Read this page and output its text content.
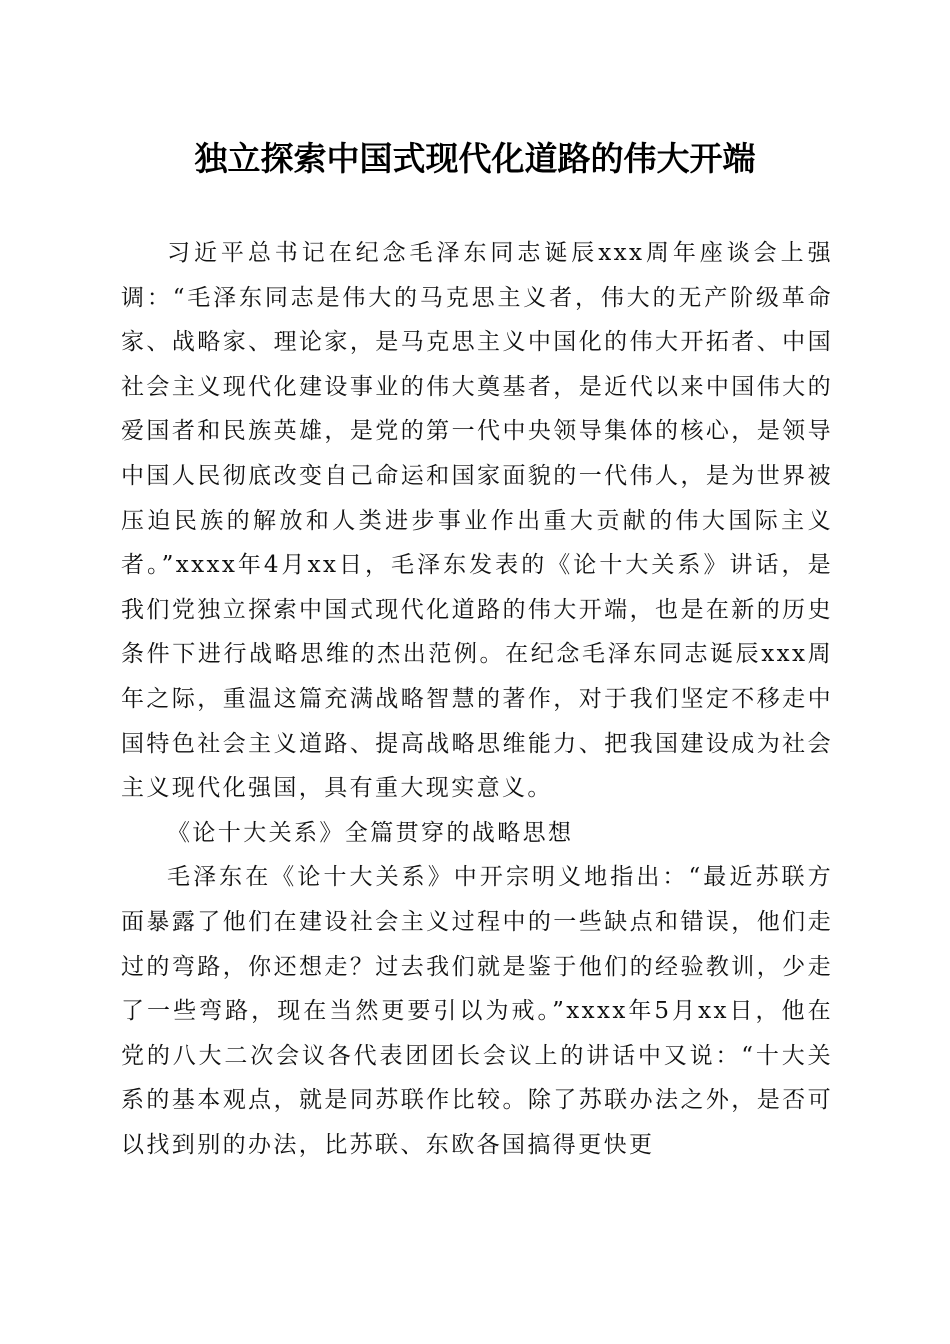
独立探索中国式现代化道路的伟大开端

习近平总书记在纪念毛泽东同志诞辰xxx周年座谈会上强调：“毛泽东同志是伟大的马克思主义者，伟大的无产阶级革命家、战略家、理论家，是马克思主义中国化的伟大开拓者、中国社会主义现代化建设事业的伟大奠基者，是近代以来中国伟大的爱国者和民族英雄，是党的第一代中央领导集体的核心，是领导中国人民彻底改变自己命运和国家面貌的一代伟人，是为世界被压迫民族的解放和人类进步事业作出重大贡献的伟大国际主义者。”xxxx年4月xx日，毛泽东发表的《论十大关系》讲话，是我们党独立探索中国式现代化道路的伟大开端，也是在新的历史条件下进行战略思维的杰出范例。在纪念毛泽东同志诞辰xxx周年之际，重温这篇充满战略智慧的著作，对于我们坚定不移走中国特色社会主义道路、提高战略思维能力、把我国建设成为社会主义现代化强国，具有重大现实意义。

《论十大关系》全篇贯穿的战略思想

毛泽东在《论十大关系》中开宗明义地指出：“最近苏联方面暴露了他们在建设社会主义过程中的一些缺点和错误，他们走过的弯路，你还想走？过去我们就是鉴于他们的经验教训，少走了一些弯路，现在当然更要引以为戒。”xxxx年5月xx日，他在党的八大二次会议各代表团团长会议上的讲话中又说：“十大关系的基本观点，就是同苏联作比较。除了苏联办法之外，是否可以找到别的办法，比苏联、东欧各国搞得更快更
